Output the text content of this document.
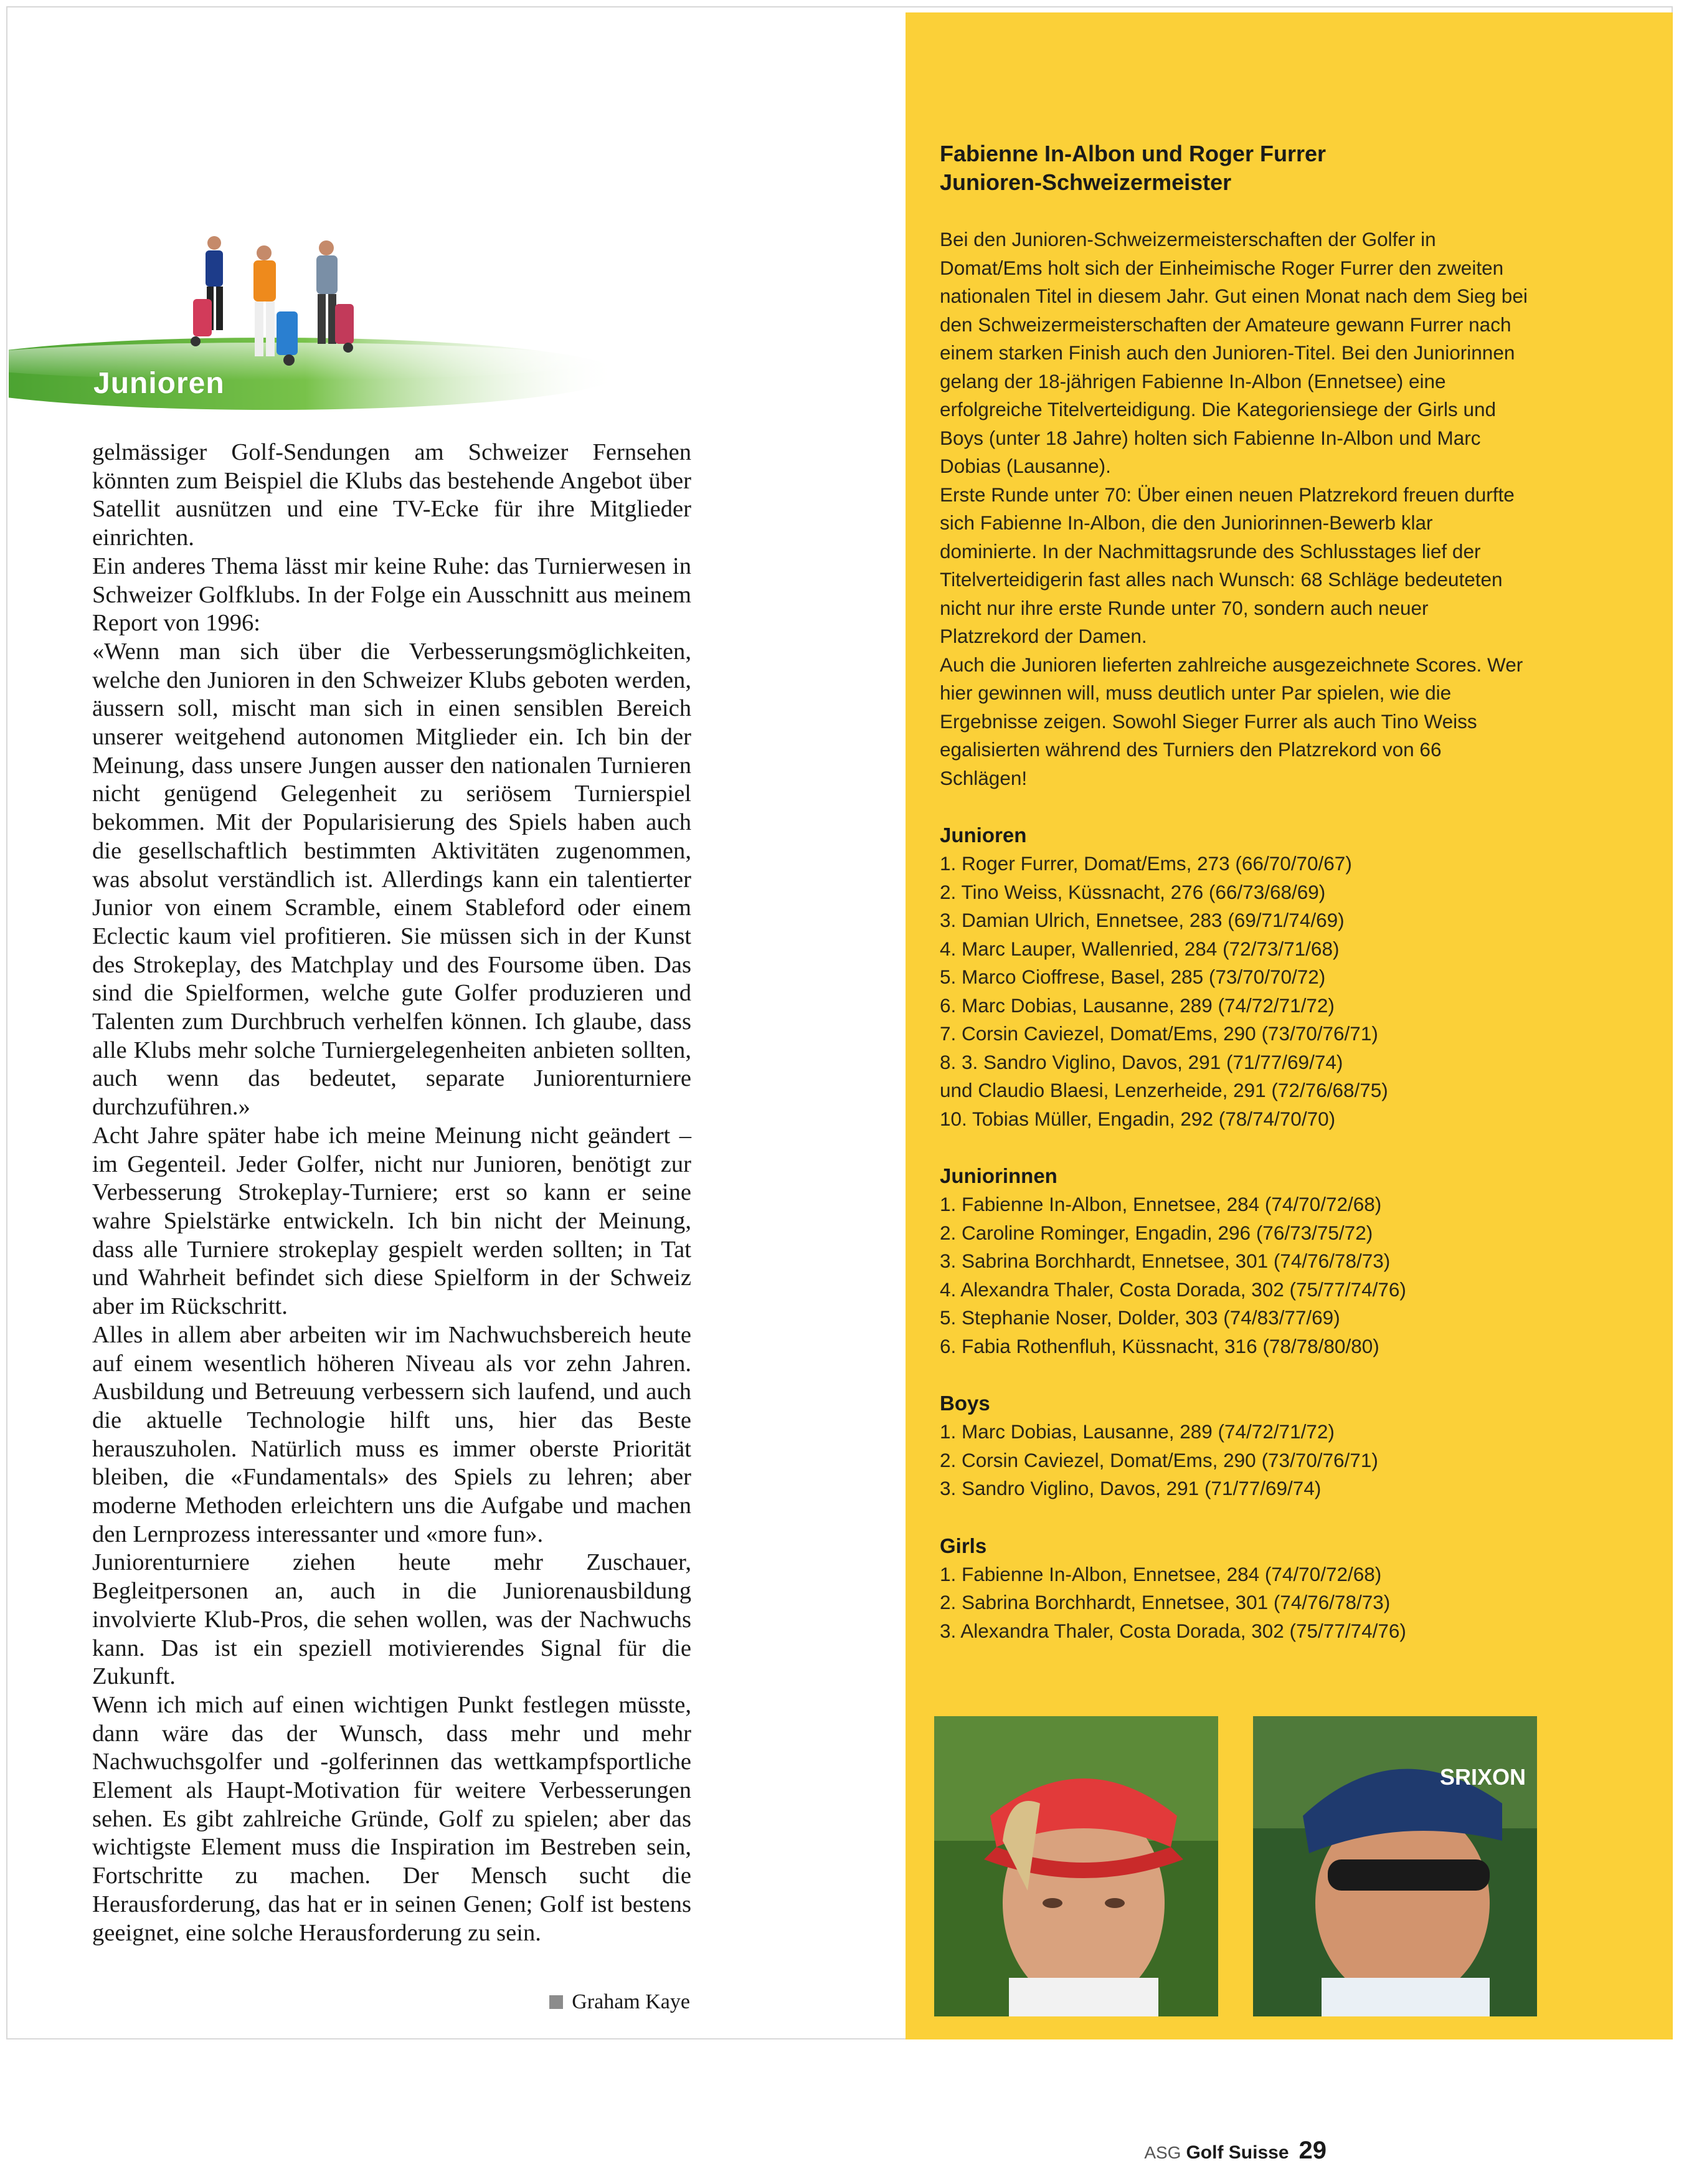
Junioren

gelmässiger Golf-Sendungen am Schweizer Fernsehen könnten zum Beispiel die Klubs das bestehende Angebot über Satellit ausnützen und eine TV-Ecke für ihre Mitglieder einrichten.

Ein anderes Thema lässt mir keine Ruhe: das Turnierwesen in Schweizer Golfklubs. In der Folge ein Ausschnitt aus meinem Report von 1996:

«Wenn man sich über die Verbesserungsmöglichkeiten, welche den Junioren in den Schweizer Klubs geboten werden, äussern soll, mischt man sich in einen sensiblen Bereich unserer weitgehend autonomen Mitglieder ein. Ich bin der Meinung, dass unsere Jungen ausser den nationalen Turnieren nicht genügend Gelegenheit zu seriösem Turnierspiel bekommen. Mit der Popularisierung des Spiels haben auch die gesellschaftlich bestimmten Aktivitäten zugenommen, was absolut verständlich ist. Allerdings kann ein talentierter Junior von einem Scramble, einem Stableford oder einem Eclectic kaum viel profitieren. Sie müssen sich in der Kunst des Strokeplay, des Matchplay und des Foursome üben. Das sind die Spielformen, welche gute Golfer produzieren und Talenten zum Durchbruch verhelfen können. Ich glaube, dass alle Klubs mehr solche Turniergelegenheiten anbieten sollten, auch wenn das bedeutet, separate Juniorenturniere durchzuführen.»

Acht Jahre später habe ich meine Meinung nicht geändert – im Gegenteil. Jeder Golfer, nicht nur Junioren, benötigt zur Verbesserung Strokeplay-Turniere; erst so kann er seine wahre Spielstärke entwickeln. Ich bin nicht der Meinung, dass alle Turniere strokeplay gespielt werden sollten; in Tat und Wahrheit befindet sich diese Spielform in der Schweiz aber im Rückschritt.

Alles in allem aber arbeiten wir im Nachwuchsbereich heute auf einem wesentlich höheren Niveau als vor zehn Jahren. Ausbildung und Betreuung verbessern sich laufend, und auch die aktuelle Technologie hilft uns, hier das Beste herauszuholen. Natürlich muss es immer oberste Priorität bleiben, die «Fundamentals» des Spiels zu lehren; aber moderne Methoden erleichtern uns die Aufgabe und machen den Lernprozess interessanter und «more fun».

Juniorenturniere ziehen heute mehr Zuschauer, Begleitpersonen an, auch in die Juniorenausbildung involvierte Klub-Pros, die sehen wollen, was der Nachwuchs kann. Das ist ein speziell motivierendes Signal für die Zukunft.

Wenn ich mich auf einen wichtigen Punkt festlegen müsste, dann wäre das der Wunsch, dass mehr und mehr Nachwuchsgolfer und -golferinnen das wettkampfsportliche Element als Haupt-Motivation für weitere Verbesserungen sehen. Es gibt zahlreiche Gründe, Golf zu spielen; aber das wichtigste Element muss die Inspiration im Bestreben sein, Fortschritte zu machen. Der Mensch sucht die Herausforderung, das hat er in seinen Genen; Golf ist bestens geeignet, eine solche Herausforderung zu sein.

Graham Kaye
Fabienne In-Albon und Roger Furrer
Junioren-Schweizermeister

Bei den Junioren-Schweizermeisterschaften der Golfer in Domat/Ems holt sich der Einheimische Roger Furrer den zweiten nationalen Titel in diesem Jahr. Gut einen Monat nach dem Sieg bei den Schweizermeisterschaften der Amateure gewann Furrer nach einem starken Finish auch den Junioren-Titel. Bei den Juniorinnen gelang der 18-jährigen Fabienne In-Albon (Ennetsee) eine erfolgreiche Titelverteidigung. Die Kategoriensiege der Girls und Boys (unter 18 Jahre) holten sich Fabienne In-Albon und Marc Dobias (Lausanne).

Erste Runde unter 70: Über einen neuen Platzrekord freuen durfte sich Fabienne In-Albon, die den Juniorinnen-Bewerb klar dominierte. In der Nachmittagsrunde des Schlusstages lief der Titelverteidigerin fast alles nach Wunsch: 68 Schläge bedeuteten nicht nur ihre erste Runde unter 70, sondern auch neuer Platzrekord der Damen.

Auch die Junioren lieferten zahlreiche ausgezeichnete Scores. Wer hier gewinnen will, muss deutlich unter Par spielen, wie die Ergebnisse zeigen. Sowohl Sieger Furrer als auch Tino Weiss egalisierten während des Turniers den Platzrekord von 66 Schlägen!

Junioren
1. Roger Furrer, Domat/Ems, 273 (66/70/70/67)
2. Tino Weiss, Küssnacht, 276 (66/73/68/69)
3. Damian Ulrich, Ennetsee, 283 (69/71/74/69)
4. Marc Lauper, Wallenried, 284 (72/73/71/68)
5. Marco Cioffrese, Basel, 285 (73/70/70/72)
6. Marc Dobias, Lausanne, 289 (74/72/71/72)
7. Corsin Caviezel, Domat/Ems, 290 (73/70/76/71)
8. 3. Sandro Viglino, Davos, 291 (71/77/69/74)
und Claudio Blaesi, Lenzerheide, 291 (72/76/68/75)
10. Tobias Müller, Engadin, 292 (78/74/70/70)
Juniorinnen
1. Fabienne In-Albon, Ennetsee, 284 (74/70/72/68)
2. Caroline Rominger, Engadin, 296 (76/73/75/72)
3. Sabrina Borchhardt, Ennetsee, 301 (74/76/78/73)
4. Alexandra Thaler, Costa Dorada, 302 (75/77/74/76)
5. Stephanie Noser, Dolder, 303 (74/83/77/69)
6. Fabia Rothenfluh, Küssnacht, 316 (78/78/80/80)
Boys
1. Marc Dobias, Lausanne, 289 (74/72/71/72)
2. Corsin Caviezel, Domat/Ems, 290 (73/70/76/71)
3. Sandro Viglino, Davos, 291 (71/77/69/74)
Girls
1. Fabienne In-Albon, Ennetsee, 284 (74/70/72/68)
2. Sabrina Borchhardt, Ennetsee, 301 (74/76/78/73)
3. Alexandra Thaler, Costa Dorada, 302 (75/77/74/76)
SRIXON
ASG Golf Suisse 29
